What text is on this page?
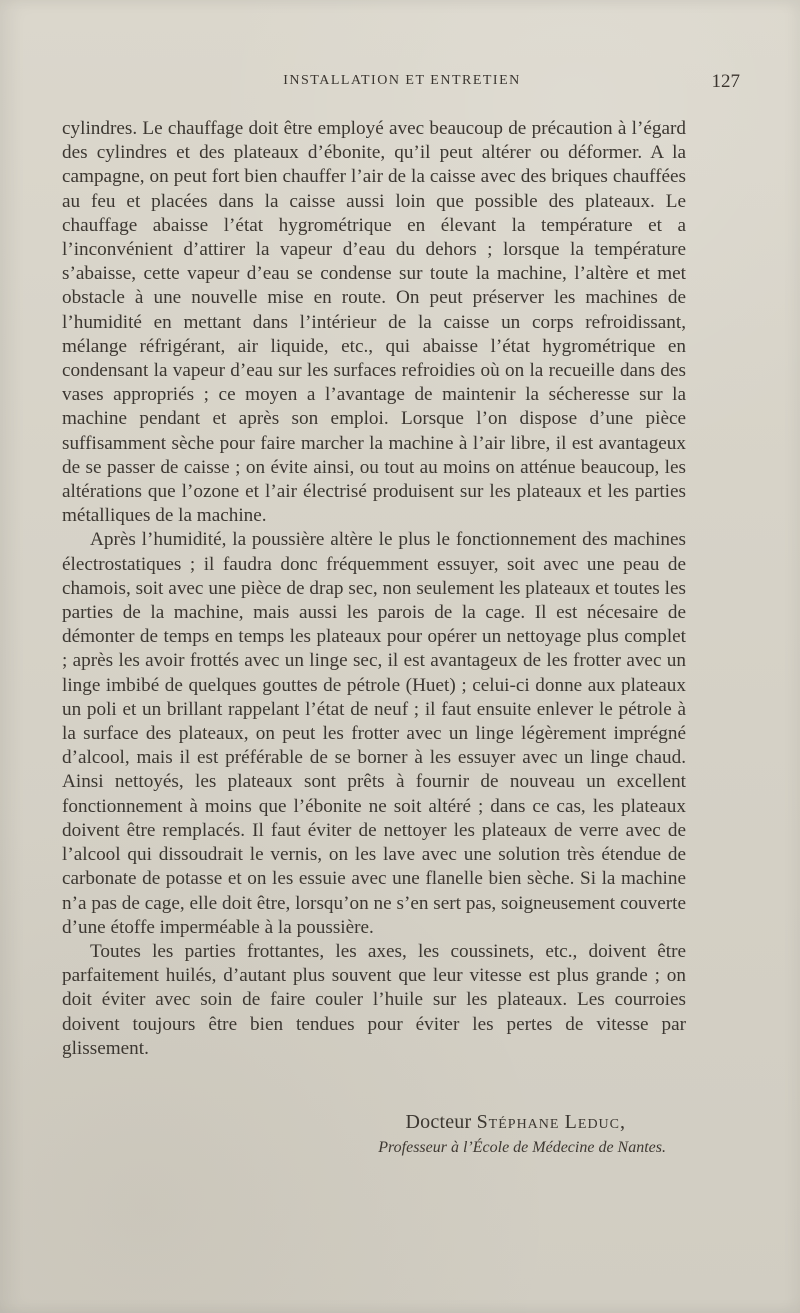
INSTALLATION ET ENTRETIEN	127

cylindres. Le chauffage doit être employé avec beaucoup de précaution à l’égard des cylindres et des plateaux d’ébonite, qu’il peut altérer ou déformer. A la campagne, on peut fort bien chauffer l’air de la caisse avec des briques chauffées au feu et placées dans la caisse aussi loin que possible des plateaux. Le chauffage abaisse l’état hygrométrique en élevant la température et a l’inconvénient d’attirer la vapeur d’eau du dehors ; lorsque la température s’abaisse, cette vapeur d’eau se condense sur toute la machine, l’altère et met obstacle à une nouvelle mise en route. On peut préserver les machines de l’humidité en mettant dans l’intérieur de la caisse un corps refroidissant, mélange réfrigérant, air liquide, etc., qui abaisse l’état hygrométrique en condensant la vapeur d’eau sur les surfaces refroidies où on la recueille dans des vases appropriés ; ce moyen a l’avantage de maintenir la sécheresse sur la machine pendant et après son emploi. Lorsque l’on dispose d’une pièce suffisamment sèche pour faire marcher la machine à l’air libre, il est avantageux de se passer de caisse ; on évite ainsi, ou tout au moins on atténue beaucoup, les altérations que l’ozone et l’air électrisé produisent sur les plateaux et les parties métalliques de la machine.

Après l’humidité, la poussière altère le plus le fonctionnement des machines électrostatiques ; il faudra donc fréquemment essuyer, soit avec une peau de chamois, soit avec une pièce de drap sec, non seulement les plateaux et toutes les parties de la machine, mais aussi les parois de la cage. Il est nécesaire de démonter de temps en temps les plateaux pour opérer un nettoyage plus complet ; après les avoir frottés avec un linge sec, il est avantageux de les frotter avec un linge imbibé de quelques gouttes de pétrole (Huet) ; celui-ci donne aux plateaux un poli et un brillant rappelant l’état de neuf ; il faut ensuite enlever le pétrole à la surface des plateaux, on peut les frotter avec un linge légèrement imprégné d’alcool, mais il est préférable de se borner à les essuyer avec un linge chaud. Ainsi nettoyés, les plateaux sont prêts à fournir de nouveau un excellent fonctionnement à moins que l’ébonite ne soit altéré ; dans ce cas, les plateaux doivent être remplacés. Il faut éviter de nettoyer les plateaux de verre avec de l’alcool qui dissoudrait le vernis, on les lave avec une solution très étendue de carbonate de potasse et on les essuie avec une flanelle bien sèche. Si la machine n’a pas de cage, elle doit être, lorsqu’on ne s’en sert pas, soigneusement couverte d’une étoffe imperméable à la poussière.

Toutes les parties frottantes, les axes, les coussinets, etc., doivent être parfaitement huilés, d’autant plus souvent que leur vitesse est plus grande ; on doit éviter avec soin de faire couler l’huile sur les plateaux. Les courroies doivent toujours être bien tendues pour éviter les pertes de vitesse par glissement.

Docteur Stéphane Leduc,
Professeur à l’École de Médecine de Nantes.
